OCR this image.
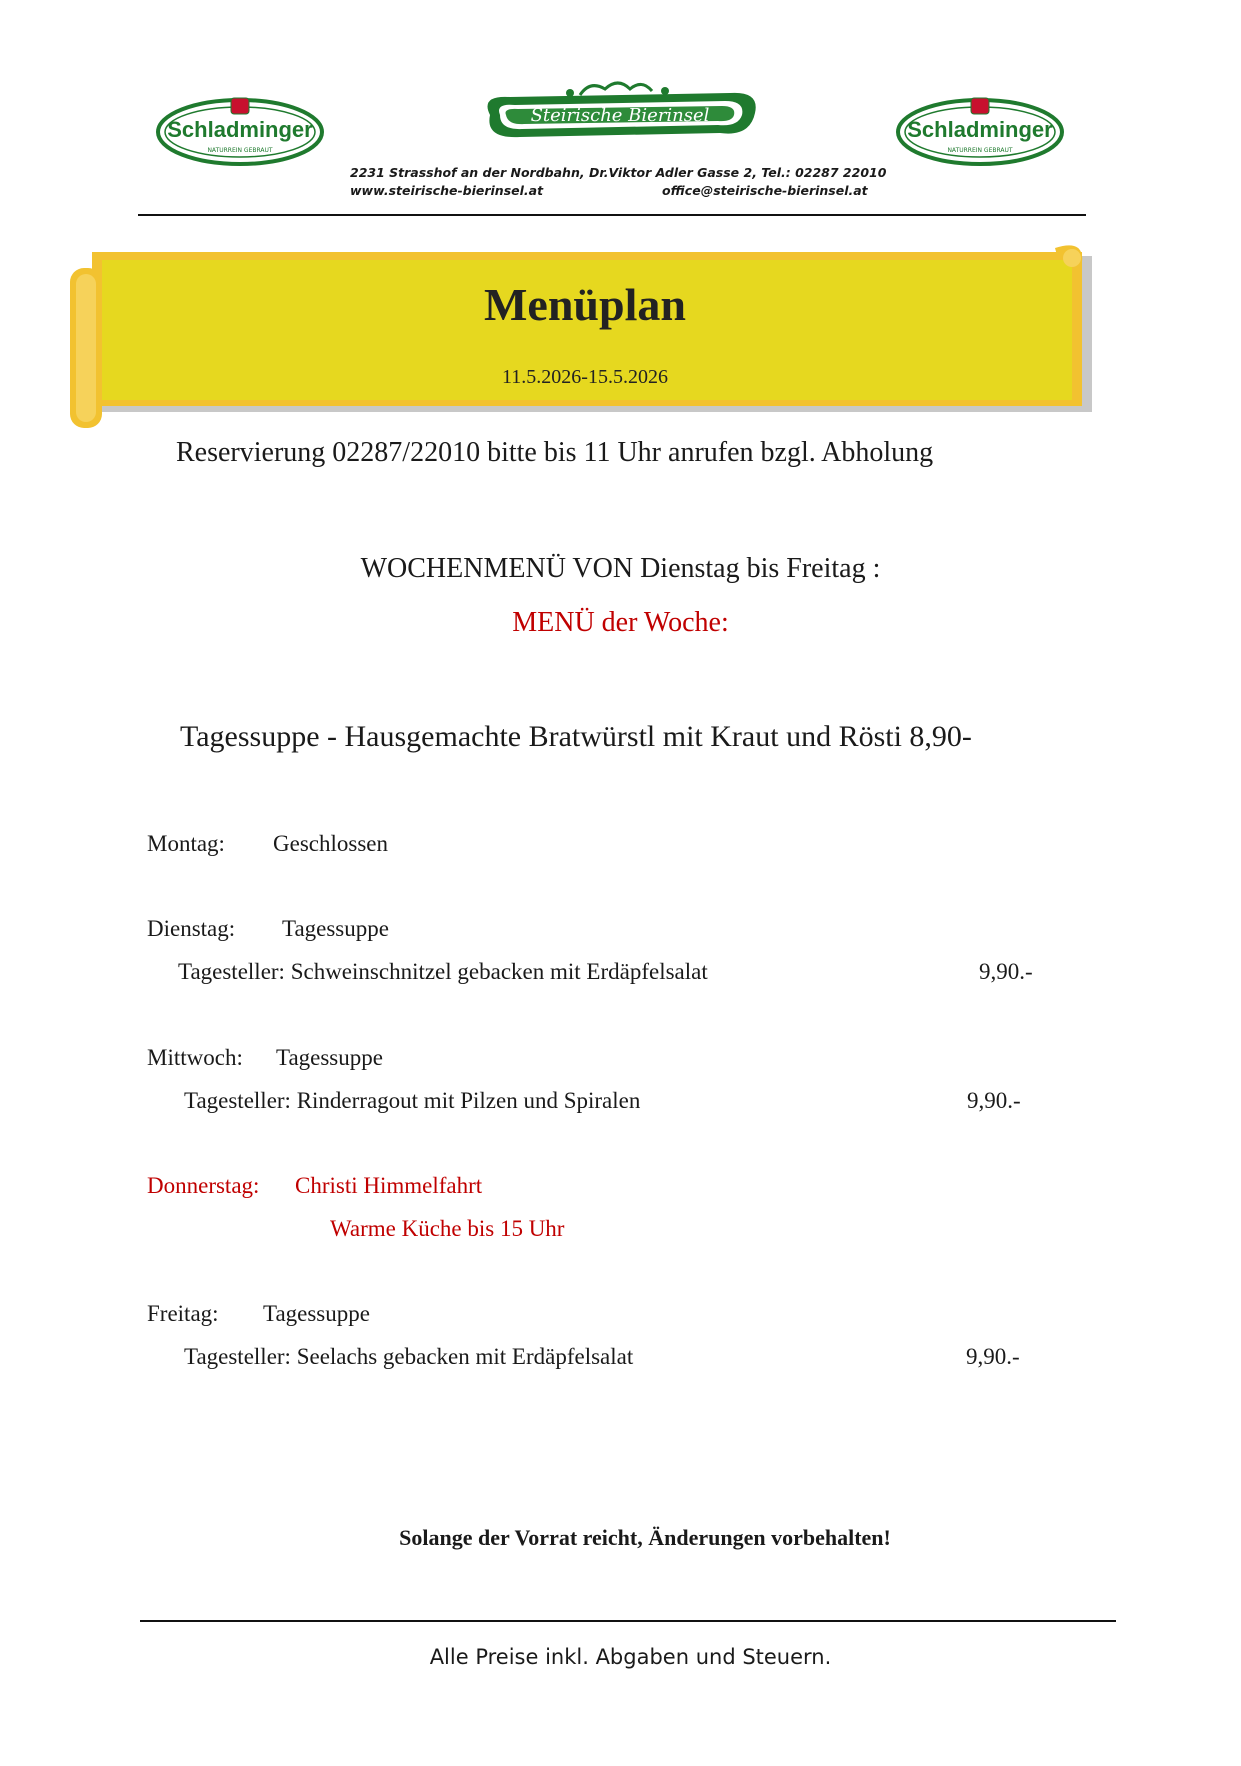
Schladminger
NATURREIN GEBRAUT
Schladminger
NATURREIN GEBRAUT
Steirische Bierinsel
2231 Strasshof an der Nordbahn, Dr.Viktor Adler Gasse 2, Tel.: 02287 22010
www.steirische-bierinsel.at	office@steirische-bierinsel.at
Menüplan
11.5.2026-15.5.2026
Reservierung 02287/22010 bitte bis 11 Uhr anrufen bzgl. Abholung
WOCHENMENÜ VON Dienstag bis Freitag :
MENÜ der Woche:
Tagessuppe - Hausgemachte Bratwürstl mit Kraut und Rösti 8,90-
Montag: Geschlossen
Dienstag: Tagessuppe
Tagesteller: Schweinschnitzel gebacken mit Erdäpfelsalat	9,90.-
Mittwoch: Tagessuppe
Tagesteller: Rinderragout mit Pilzen und Spiralen	9,90.-
Donnerstag: Christi Himmelfahrt
Warme Küche bis 15 Uhr
Freitag: Tagessuppe
Tagesteller: Seelachs gebacken mit Erdäpfelsalat	9,90.-
Solange der Vorrat reicht, Änderungen vorbehalten!
Alle Preise inkl. Abgaben und Steuern.
